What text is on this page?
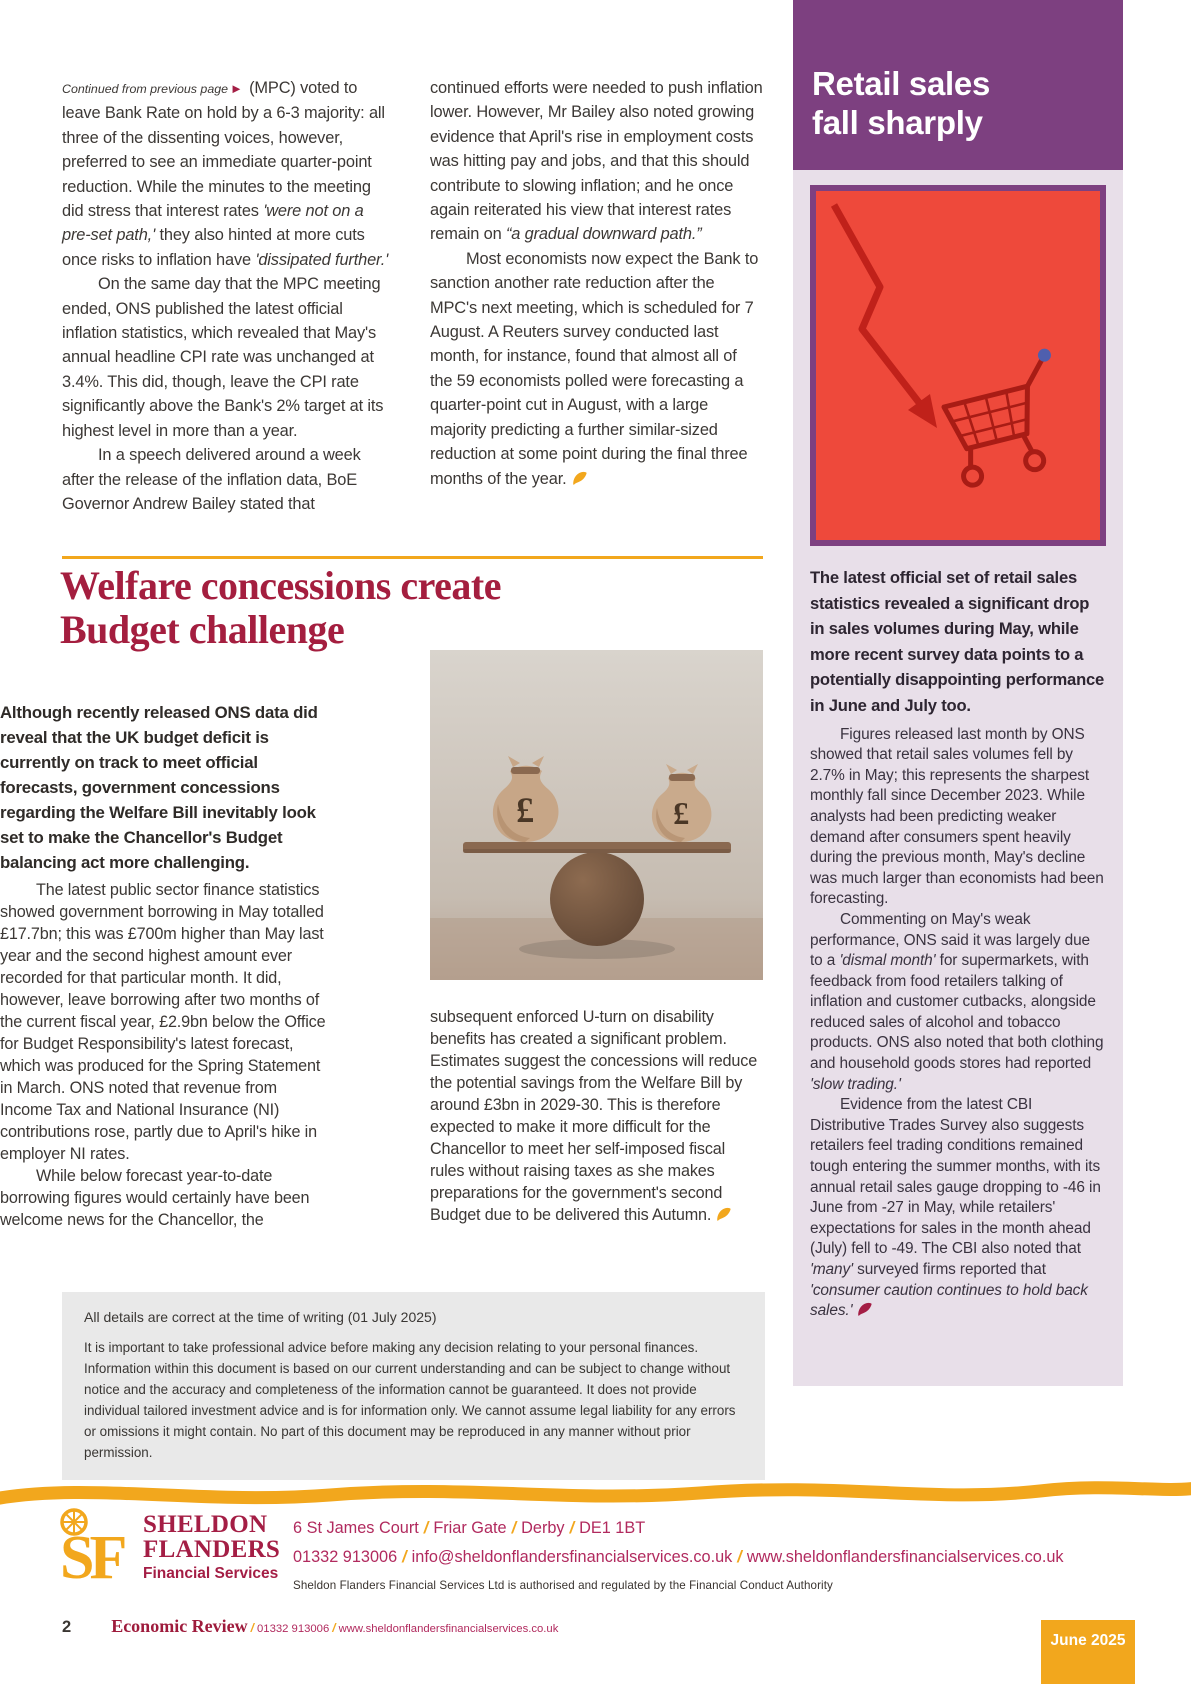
Continued from previous page ► (MPC) voted to leave Bank Rate on hold by a 6-3 majority: all three of the dissenting voices, however, preferred to see an immediate quarter-point reduction. While the minutes to the meeting did stress that interest rates 'were not on a pre-set path,' they also hinted at more cuts once risks to inflation have 'dissipated further.'

On the same day that the MPC meeting ended, ONS published the latest official inflation statistics, which revealed that May's annual headline CPI rate was unchanged at 3.4%. This did, though, leave the CPI rate significantly above the Bank's 2% target at its highest level in more than a year.

In a speech delivered around a week after the release of the inflation data, BoE Governor Andrew Bailey stated that

continued efforts were needed to push inflation lower. However, Mr Bailey also noted growing evidence that April's rise in employment costs was hitting pay and jobs, and that this should contribute to slowing inflation; and he once again reiterated his view that interest rates remain on “a gradual downward path.”

Most economists now expect the Bank to sanction another rate reduction after the MPC's next meeting, which is scheduled for 7 August. A Reuters survey conducted last month, for instance, found that almost all of the 59 economists polled were forecasting a quarter-point cut in August, with a large majority predicting a further similar-sized reduction at some point during the final three months of the year.

Welfare concessions create Budget challenge

Although recently released ONS data did reveal that the UK budget deficit is currently on track to meet official forecasts, government concessions regarding the Welfare Bill inevitably look set to make the Chancellor's Budget balancing act more challenging.

The latest public sector finance statistics showed government borrowing in May totalled £17.7bn; this was £700m higher than May last year and the second highest amount ever recorded for that particular month. It did, however, leave borrowing after two months of the current fiscal year, £2.9bn below the Office for Budget Responsibility's latest forecast, which was produced for the Spring Statement in March. ONS noted that revenue from Income Tax and National Insurance (NI) contributions rose, partly due to April's hike in employer NI rates.

While below forecast year-to-date borrowing figures would certainly have been welcome news for the Chancellor, the

£	£

subsequent enforced U-turn on disability benefits has created a significant problem. Estimates suggest the concessions will reduce the potential savings from the Welfare Bill by around £3bn in 2029-30. This is therefore expected to make it more difficult for the Chancellor to meet her self-imposed fiscal rules without raising taxes as she makes preparations for the government's second Budget due to be delivered this Autumn.

Retail sales
fall sharply

The latest official set of retail sales statistics revealed a significant drop in sales volumes during May, while more recent survey data points to a potentially disappointing performance in June and July too.

Figures released last month by ONS showed that retail sales volumes fell by 2.7% in May; this represents the sharpest monthly fall since December 2023. While analysts had been predicting weaker demand after consumers spent heavily during the previous month, May's decline was much larger than economists had been forecasting.

Commenting on May's weak performance, ONS said it was largely due to a 'dismal month' for supermarkets, with feedback from food retailers talking of inflation and customer cutbacks, alongside reduced sales of alcohol and tobacco products. ONS also noted that both clothing and household goods stores had reported 'slow trading.'

Evidence from the latest CBI Distributive Trades Survey also suggests retailers feel trading conditions remained tough entering the summer months, with its annual retail sales gauge dropping to -46 in June from -27 in May, while retailers' expectations for sales in the month ahead (July) fell to -49. The CBI also noted that 'many' surveyed firms reported that 'consumer caution continues to hold back sales.'

All details are correct at the time of writing (01 July 2025)

It is important to take professional advice before making any decision relating to your personal finances. Information within this document is based on our current understanding and can be subject to change without notice and the accuracy and completeness of the information cannot be guaranteed. It does not provide individual tailored investment advice and is for information only. We cannot assume legal liability for any errors or omissions it might contain. No part of this document may be reproduced in any manner without prior permission.

SF SHELDON
FLANDERS
Financial Services
6 St James Court / Friar Gate / Derby / DE1 1BT
01332 913006 / info@sheldonflandersfinancialservices.co.uk / www.sheldonflandersfinancialservices.co.uk
Sheldon Flanders Financial Services Ltd is authorised and regulated by the Financial Conduct Authority
2 Economic Review / 01332 913006 / www.sheldonflandersfinancialservices.co.uk
June 2025
